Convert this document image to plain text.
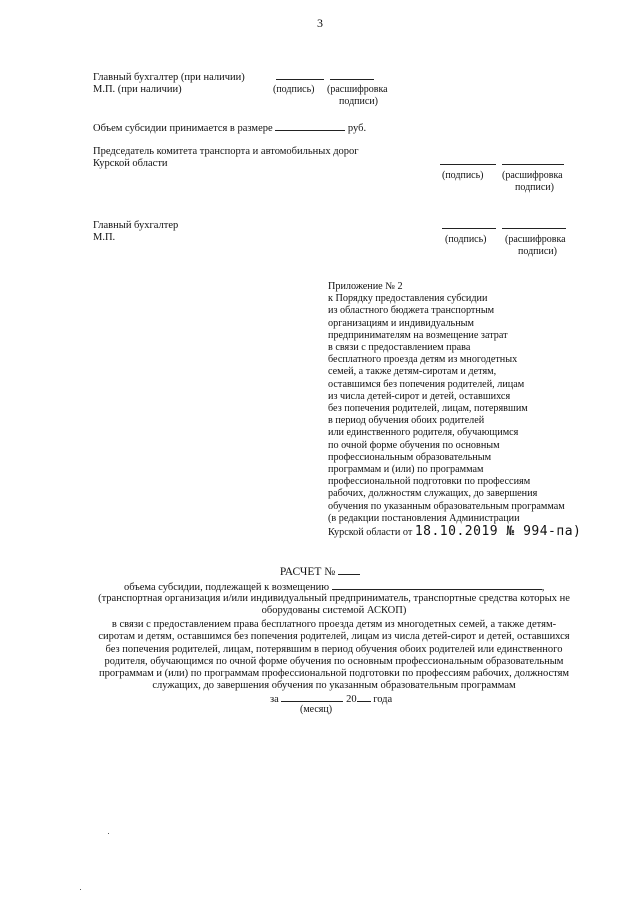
3
Главный бухгалтер (при наличии)
М.П. (при наличии)	(подпись) (расшифровка
подписи)
Объем субсидии принимается в размере	руб.
Председатель комитета транспорта и автомобильных дорог
Курской области
(подпись) (расшифровка
подписи)
Главный бухгалтер
М.П.	(подпись) (расшифровка
подписи)
Приложение № 2
к Порядку предоставления субсидии
из областного бюджета транспортным
организациям и индивидуальным
предпринимателям на возмещение затрат
в связи с предоставлением права
бесплатного проезда детям из многодетных
семей, а также детям-сиротам и детям,
оставшимся без попечения родителей, лицам
из числа детей-сирот и детей, оставшихся
без попечения родителей, лицам, потерявшим
в период обучения обоих родителей
или единственного родителя, обучающимся
по очной форме обучения по основным
профессиональным образовательным
программам и (или) по программам
профессиональной подготовки по профессиям
рабочих, должностям служащих, до завершения
обучения по указанным образовательным программам
(в редакции постановления Администрации
Курской области от 18.10.2019 № 994-па)
РАСЧЕТ №
объема субсидии, подлежащей к возмещению	,
(транспортная организация и/или индивидуальный предприниматель, транспортные средства которых не
оборудованы системой АСКОП)
в связи с предоставлением права бесплатного проезда детям из многодетных семей, а также детям-
сиротам и детям, оставшимся без попечения родителей, лицам из числа детей-сирот и детей, оставшихся
без попечения родителей, лицам, потерявшим в период обучения обоих родителей или единственного
родителя, обучающимся по очной форме обучения по основным профессиональным образовательным
программам и (или) по программам профессиональной подготовки по профессиям рабочих, должностям
служащих, до завершения обучения по указанным образовательным программам
за	20 года
(месяц)
